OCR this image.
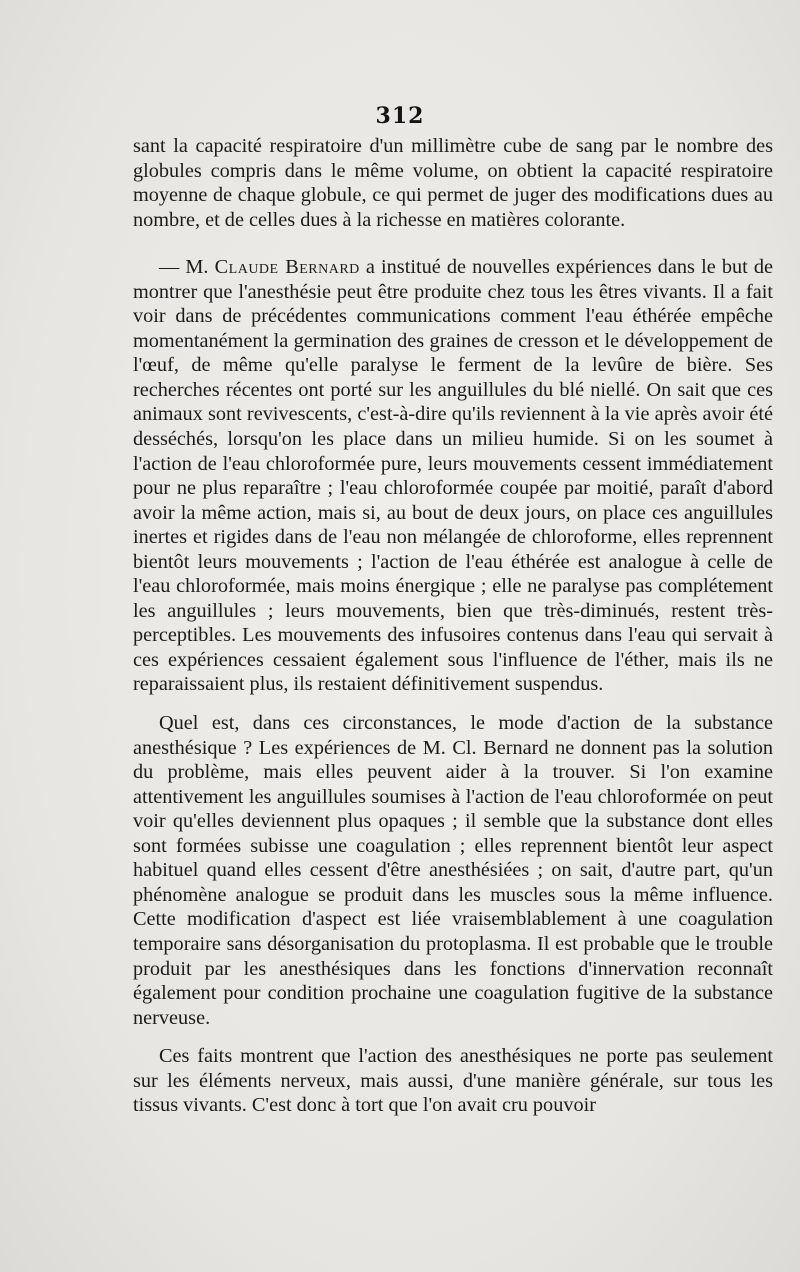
312

sant la capacité respiratoire d'un millimètre cube de sang par le nombre des globules compris dans le même volume, on obtient la capacité respiratoire moyenne de chaque globule, ce qui permet de juger des modifications dues au nombre, et de celles dues à la richesse en matières colorante.

— M. Claude Bernard a institué de nouvelles expériences dans le but de montrer que l'anesthésie peut être produite chez tous les êtres vivants. Il a fait voir dans de précédentes communications comment l'eau éthérée empêche momentanément la germination des graines de cresson et le développement de l'œuf, de même qu'elle paralyse le ferment de la levûre de bière. Ses recherches récentes ont porté sur les anguillules du blé niellé. On sait que ces animaux sont revivescents, c'est-à-dire qu'ils reviennent à la vie après avoir été desséchés, lorsqu'on les place dans un milieu humide. Si on les soumet à l'action de l'eau chloroformée pure, leurs mouvements cessent immédiatement pour ne plus reparaître ; l'eau chloroformée coupée par moitié, paraît d'abord avoir la même action, mais si, au bout de deux jours, on place ces anguillules inertes et rigides dans de l'eau non mélangée de chloroforme, elles reprennent bientôt leurs mouvements ; l'action de l'eau éthérée est analogue à celle de l'eau chloroformée, mais moins énergique ; elle ne paralyse pas complétement les anguillules ; leurs mouvements, bien que très-diminués, restent très-perceptibles. Les mouvements des infusoires contenus dans l'eau qui servait à ces expériences cessaient également sous l'influence de l'éther, mais ils ne reparaissaient plus, ils restaient définitivement suspendus.

Quel est, dans ces circonstances, le mode d'action de la substance anesthésique ? Les expériences de M. Cl. Bernard ne donnent pas la solution du problème, mais elles peuvent aider à la trouver. Si l'on examine attentivement les anguillules soumises à l'action de l'eau chloroformée on peut voir qu'elles deviennent plus opaques ; il semble que la substance dont elles sont formées subisse une coagulation ; elles reprennent bientôt leur aspect habituel quand elles cessent d'être anesthésiées ; on sait, d'autre part, qu'un phénomène analogue se produit dans les muscles sous la même influence. Cette modification d'aspect est liée vraisemblablement à une coagulation temporaire sans désorganisation du protoplasma. Il est probable que le trouble produit par les anesthésiques dans les fonctions d'innervation reconnaît également pour condition prochaine une coagulation fugitive de la substance nerveuse.

Ces faits montrent que l'action des anesthésiques ne porte pas seulement sur les éléments nerveux, mais aussi, d'une manière générale, sur tous les tissus vivants. C'est donc à tort que l'on avait cru pouvoir
